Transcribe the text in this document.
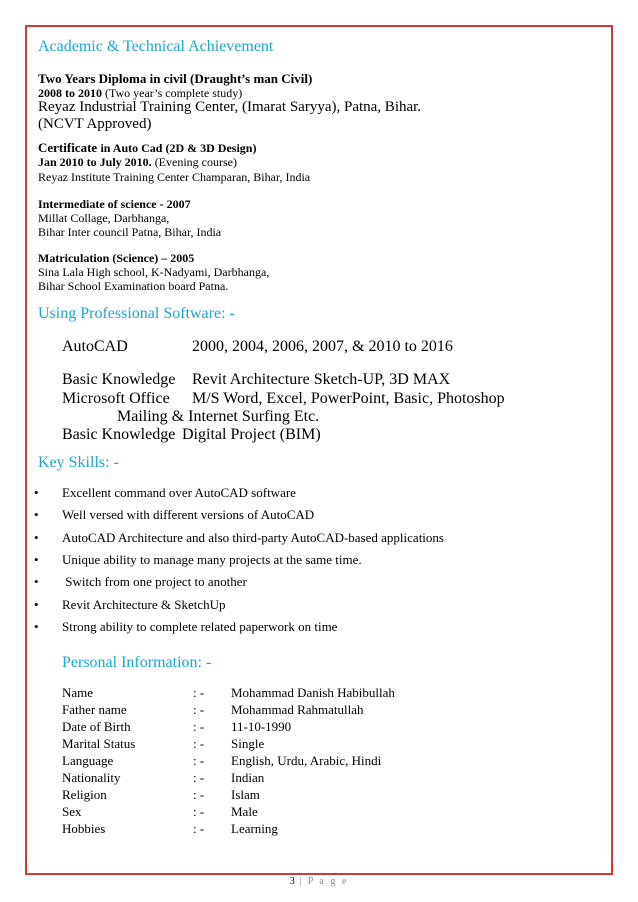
Academic & Technical Achievement
Two Years Diploma in civil (Draught’s man Civil)
2008 to 2010 (Two year’s complete study)
Reyaz Industrial Training Center, (Imarat Saryya), Patna, Bihar.
(NCVT Approved)
Certificate in Auto Cad (2D & 3D Design)
Jan 2010 to July 2010. (Evening course)
Reyaz Institute Training Center Champaran, Bihar, India
Intermediate of science - 2007
Millat Collage, Darbhanga,
Bihar Inter council Patna, Bihar, India
Matriculation (Science) – 2005
Sina Lala High school, K-Nadyami, Darbhanga,
Bihar School Examination board Patna.
Using Professional Software: -
AutoCAD	2000, 2004, 2006, 2007, & 2010 to 2016
Basic Knowledge Revit Architecture Sketch-UP, 3D MAX
Microsoft Office M/S Word, Excel, PowerPoint, Basic, Photoshop
Mailing & Internet Surfing Etc.
Basic Knowledge Digital Project (BIM)
Key Skills: -
• Excellent command over AutoCAD software
• Well versed with different versions of AutoCAD
• AutoCAD Architecture and also third-party AutoCAD-based applications
• Unique ability to manage many projects at the same time.
• Switch from one project to another
• Revit Architecture & SketchUp
• Strong ability to complete related paperwork on time
Personal Information: -
Name	: - Mohammad Danish Habibullah
Father name	: - Mohammad Rahmatullah
Date of Birth	: - 11-10-1990
Marital Status	: - Single
Language	: - English, Urdu, Arabic, Hindi
Nationality	: - Indian
Religion	: - Islam
Sex	: - Male
Hobbies	: - Learning
3 | P a g e
